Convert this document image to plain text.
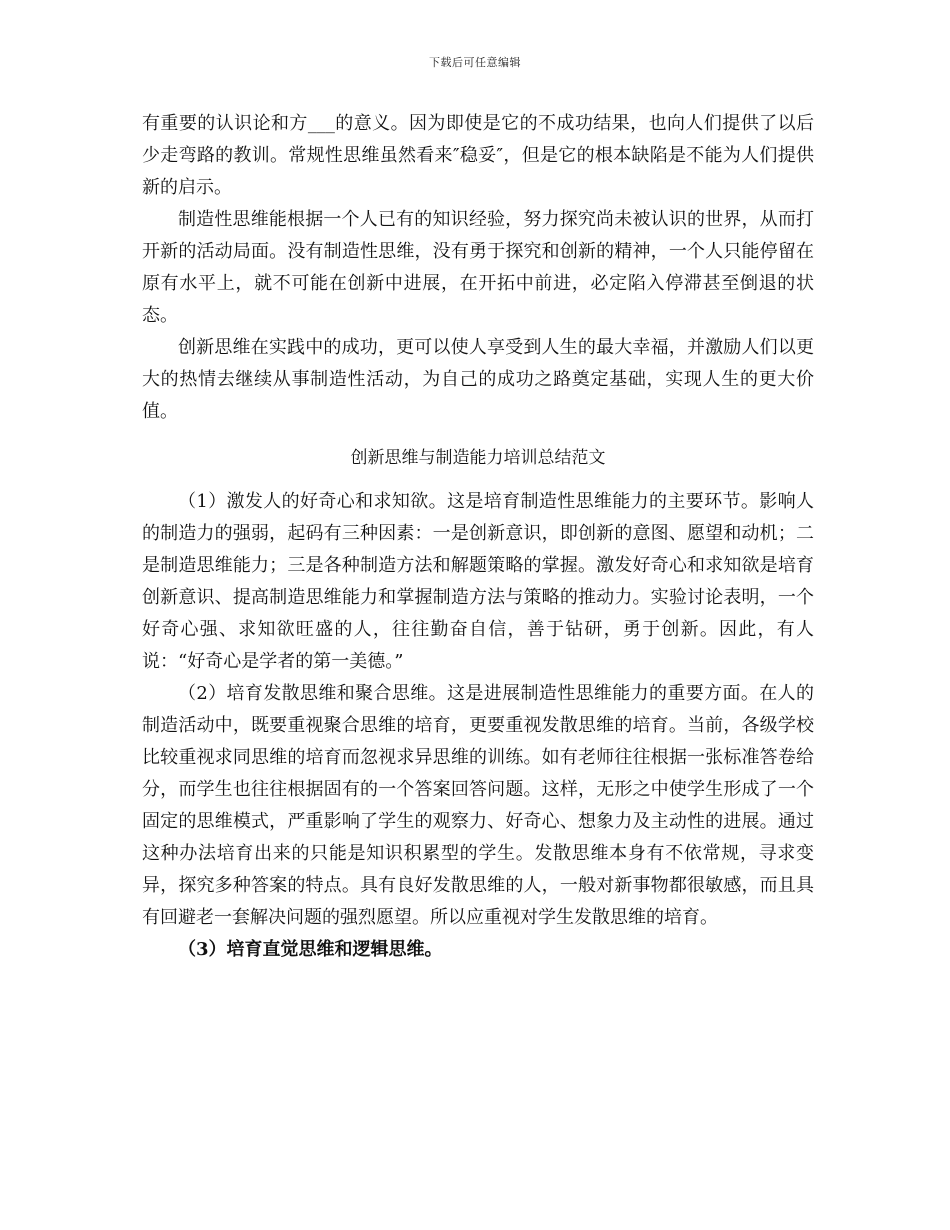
下载后可任意编辑

有重要的认识论和方___的意义。因为即使是它的不成功结果，也向人们提供了以后少走弯路的教训。常规性思维虽然看来″稳妥″，但是它的根本缺陷是不能为人们提供新的启示。

制造性思维能根据一个人已有的知识经验，努力探究尚未被认识的世界，从而打开新的活动局面。没有制造性思维，没有勇于探究和创新的精神，一个人只能停留在原有水平上，就不可能在创新中进展，在开拓中前进，必定陷入停滞甚至倒退的状态。

创新思维在实践中的成功，更可以使人享受到人生的最大幸福，并激励人们以更大的热情去继续从事制造性活动，为自己的成功之路奠定基础，实现人生的更大价值。

创新思维与制造能力培训总结范文

（1）激发人的好奇心和求知欲。这是培育制造性思维能力的主要环节。影响人的制造力的强弱，起码有三种因素：一是创新意识，即创新的意图、愿望和动机；二是制造思维能力；三是各种制造方法和解题策略的掌握。激发好奇心和求知欲是培育创新意识、提高制造思维能力和掌握制造方法与策略的推动力。实验讨论表明，一个好奇心强、求知欲旺盛的人，往往勤奋自信，善于钻研，勇于创新。因此，有人说：“好奇心是学者的第一美德。”

（2）培育发散思维和聚合思维。这是进展制造性思维能力的重要方面。在人的制造活动中，既要重视聚合思维的培育，更要重视发散思维的培育。当前，各级学校比较重视求同思维的培育而忽视求异思维的训练。如有老师往往根据一张标准答卷给分，而学生也往往根据固有的一个答案回答问题。这样，无形之中使学生形成了一个固定的思维模式，严重影响了学生的观察力、好奇心、想象力及主动性的进展。通过这种办法培育出来的只能是知识积累型的学生。发散思维本身有不依常规，寻求变异，探究多种答案的特点。具有良好发散思维的人，一般对新事物都很敏感，而且具有回避老一套解决问题的强烈愿望。所以应重视对学生发散思维的培育。

（3）培育直觉思维和逻辑思维。
